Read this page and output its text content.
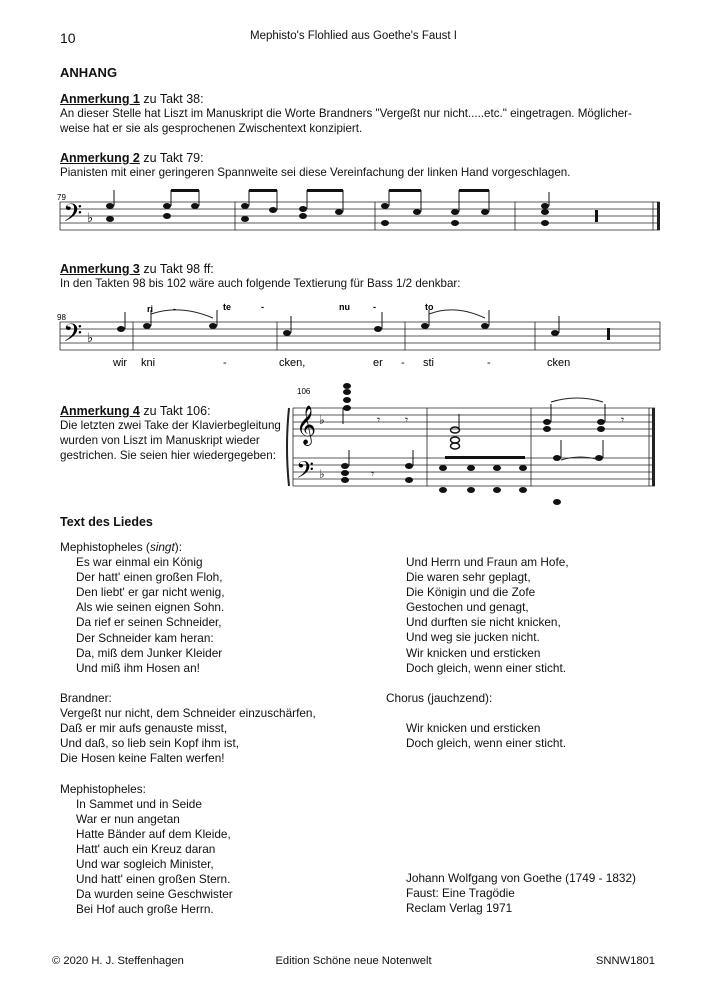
10	Mephisto's Flohlied aus Goethe's Faust I
ANHANG
Anmerkung 1 zu Takt 38:
An dieser Stelle hat Liszt im Manuskript die Worte Brandners "Vergeßt nur nicht.....etc." eingetragen. Möglicher-
weise hat er sie als gesprochenen Zwischentext konzipiert.
Anmerkung 2 zu Takt 79:
Pianisten mit einer geringeren Spannweite sei diese Vereinfachung der linken Hand vorgeschlagen.
79
𝄢 ♭
Anmerkung 3 zu Takt 98 ff:
In den Takten 98 bis 102 wäre auch folgende Textierung für Bass 1/2 denkbar:
98
𝄢 ♭
ri -	te	-	nu	-	to
wir kni	-	cken,	er - sti	-	cken
Anmerkung 4 zu Takt 106:
Die letzten zwei Take der Klavierbegleitung
wurden von Liszt im Manuskript wieder
gestrichen. Sie seien hier wiedergegeben:
106
𝄞 ♭
𝄢 ♭
𝄾 𝄾	𝄾
𝄾
Text des Liedes
Mephistopheles (singt):
Es war einmal ein König
Der hatt' einen großen Floh,
Den liebt' er gar nicht wenig,
Als wie seinen eignen Sohn.
Da rief er seinen Schneider,
Der Schneider kam heran:
Da, miß dem Junker Kleider
Und miß ihm Hosen an!
Brandner:
Vergeßt nur nicht, dem Schneider einzuschärfen,
Daß er mir aufs genauste misst,
Und daß, so lieb sein Kopf ihm ist,
Die Hosen keine Falten werfen!
Mephistopheles:
In Sammet und in Seide
War er nun angetan
Hatte Bänder auf dem Kleide,
Hatt' auch ein Kreuz daran
Und war sogleich Minister,
Und hatt' einen großen Stern.
Da wurden seine Geschwister
Bei Hof auch große Herrn.
Und Herrn und Fraun am Hofe,
Die waren sehr geplagt,
Die Königin und die Zofe
Gestochen und genagt,
Und durften sie nicht knicken,
Und weg sie jucken nicht.
Wir knicken und ersticken
Doch gleich, wenn einer sticht.
Chorus (jauchzend):
Wir knicken und ersticken
Doch gleich, wenn einer sticht.
Johann Wolfgang von Goethe (1749 - 1832)
Faust: Eine Tragödie
Reclam Verlag 1971
© 2020 H. J. Steffenhagen	Edition Schöne neue Notenwelt	SNNW1801
